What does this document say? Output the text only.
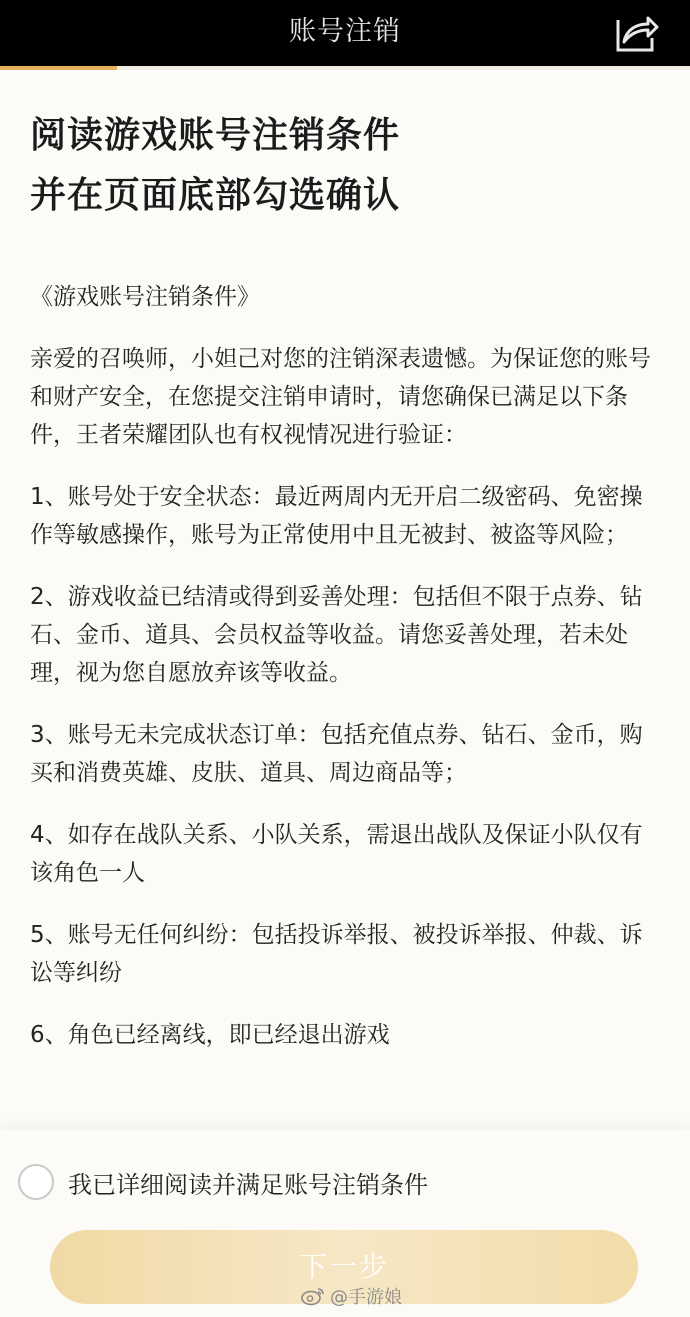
账号注销
阅读游戏账号注销条件
并在页面底部勾选确认

《游戏账号注销条件》

亲爱的召唤师，小妲己对您的注销深表遗憾。为保证您的账号和财产安全，在您提交注销申请时，请您确保已满足以下条件，王者荣耀团队也有权视情况进行验证：

1、账号处于安全状态：最近两周内无开启二级密码、免密操作等敏感操作，账号为正常使用中且无被封、被盗等风险；

2、游戏收益已结清或得到妥善处理：包括但不限于点券、钻石、金币、道具、会员权益等收益。请您妥善处理，若未处理，视为您自愿放弃该等收益。

3、账号无未完成状态订单：包括充值点券、钻石、金币，购买和消费英雄、皮肤、道具、周边商品等；

4、如存在战队关系、小队关系，需退出战队及保证小队仅有该角色一人

5、账号无任何纠纷：包括投诉举报、被投诉举报、仲裁、诉讼等纠纷

6、角色已经离线，即已经退出游戏

我已详细阅读并满足账号注销条件
下一步
@手游娘
